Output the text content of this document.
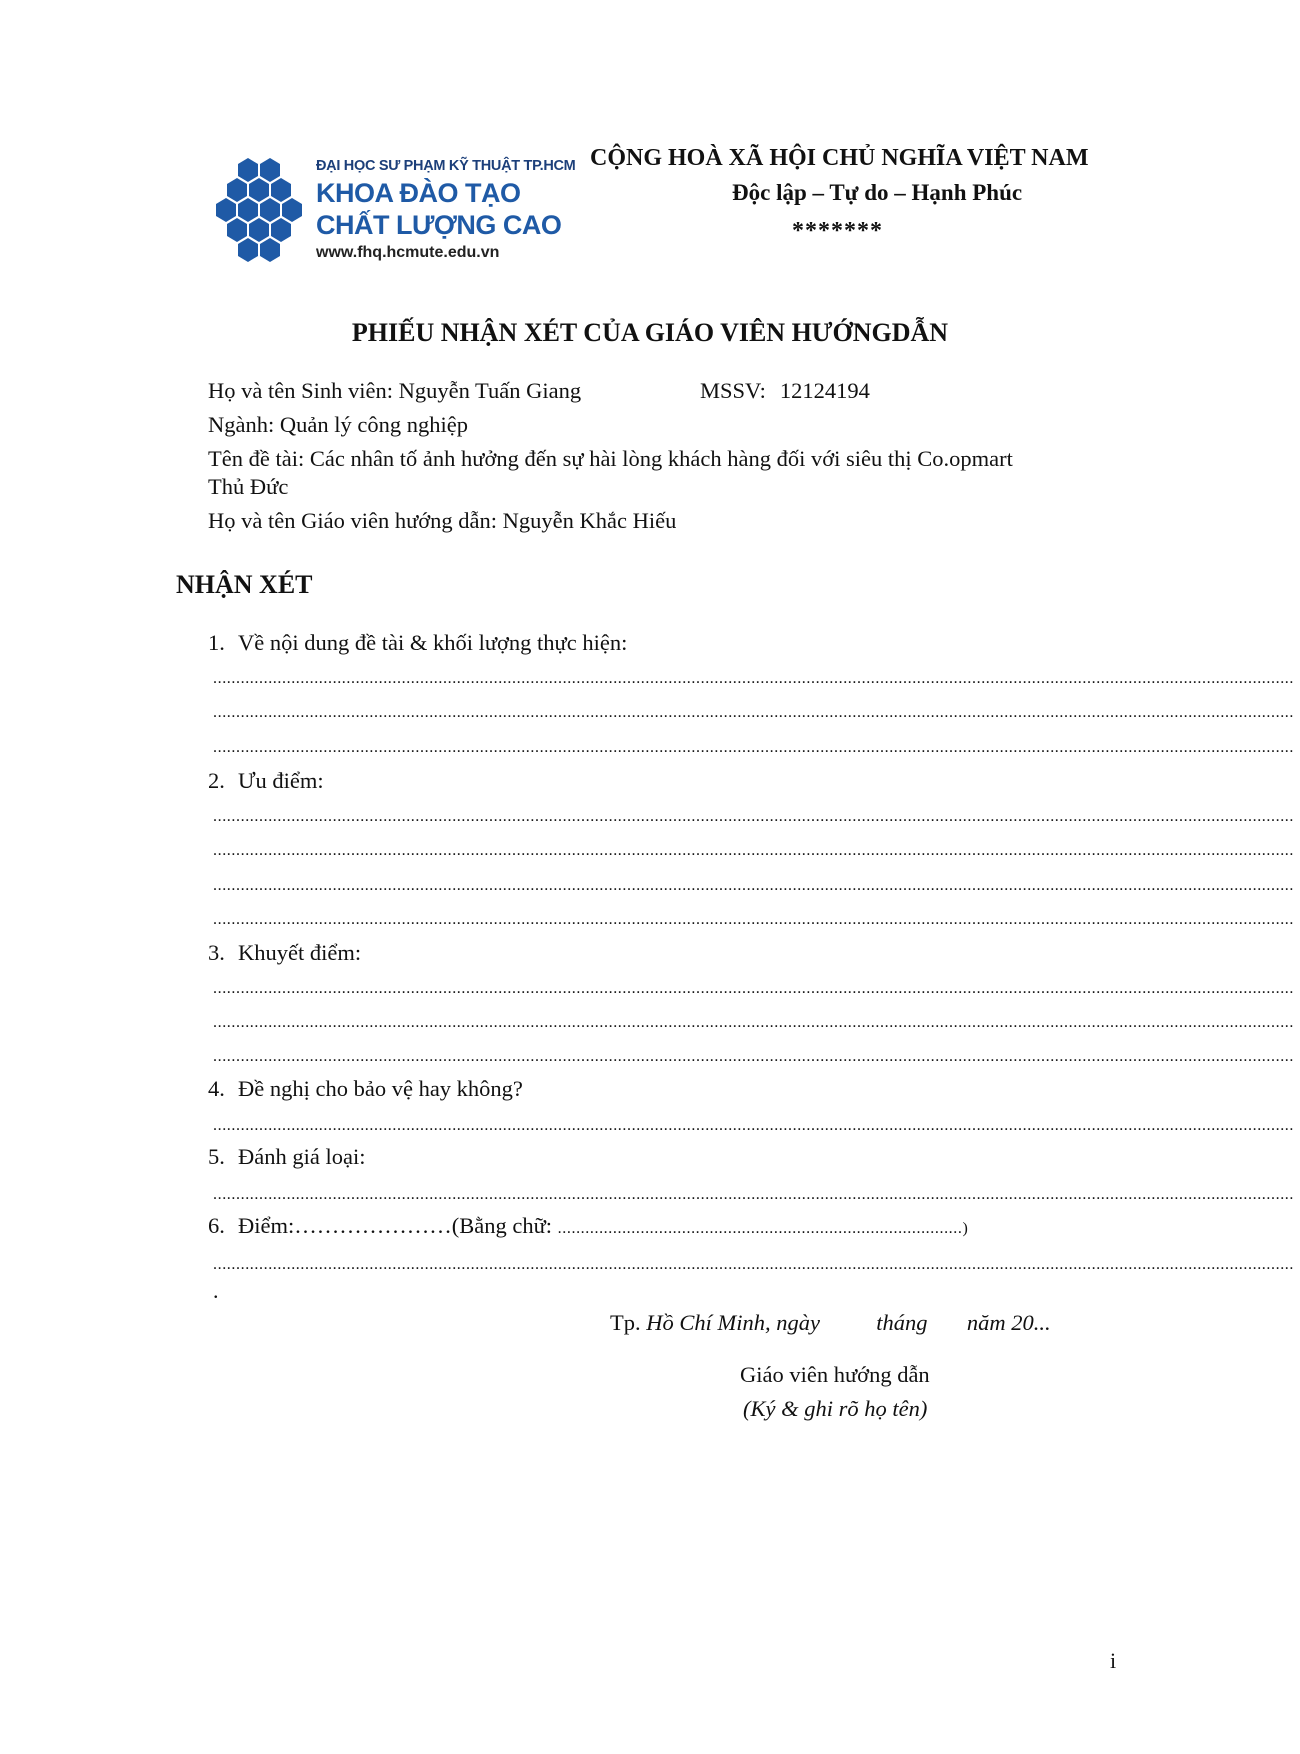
ĐẠI HỌC SƯ PHẠM KỸ THUẬT TP.HCM
KHOA ĐÀO TẠO
CHẤT LƯỢNG CAO
www.fhq.hcmute.edu.vn
CỘNG HOÀ XÃ HỘI CHỦ NGHĨA VIỆT NAM
Độc lập – Tự do – Hạnh Phúc
*******
PHIẾU NHẬN XÉT CỦA GIÁO VIÊN HƯỚNGDẪN
Họ và tên Sinh viên: Nguyễn Tuấn Giang	MSSV: 12124194
Ngành: Quản lý công nghiệp
Tên đề tài: Các nhân tố ảnh hưởng đến sự hài lòng khách hàng đối với siêu thị Co.opmart
Thủ Đức
Họ và tên Giáo viên hướng dẫn: Nguyễn Khắc Hiếu
NHẬN XÉT
1. Về nội dung đề tài & khối lượng thực hiện:
...........................................................................................................................................................................................................................................
...........................................................................................................................................................................................................................................
...........................................................................................................................................................................................................................................
2. Ưu điểm:
...........................................................................................................................................................................................................................................
...........................................................................................................................................................................................................................................
...........................................................................................................................................................................................................................................
...........................................................................................................................................................................................................................................
3. Khuyết điểm:
...........................................................................................................................................................................................................................................
...........................................................................................................................................................................................................................................
...........................................................................................................................................................................................................................................
4. Đề nghị cho bảo vệ hay không?
...........................................................................................................................................................................................................................................
5. Đánh giá loại:
...........................................................................................................................................................................................................................................
6. Điểm:…………………(Bằng chữ: ........................................................................................)
...........................................................................................................................................................................................................................................
.
Tp. Hồ Chí Minh, ngày          tháng       năm 20...
Giáo viên hướng dẫn
(Ký & ghi rõ họ tên)
i
